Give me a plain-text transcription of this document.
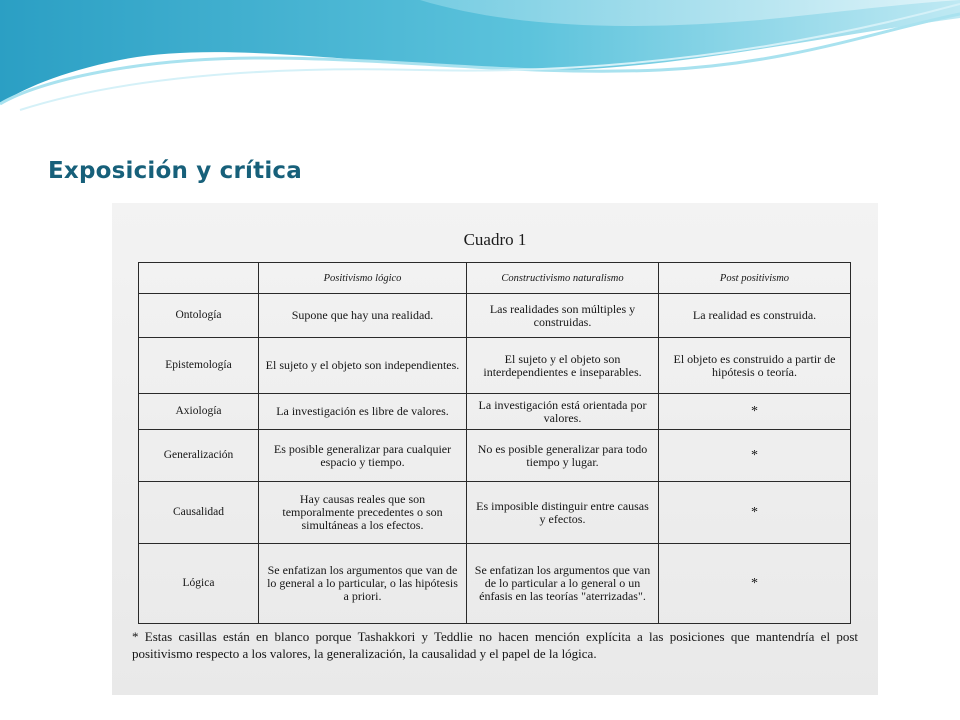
Exposición y crítica
Cuadro 1
	Positivismo lógico	Constructivismo naturalismo	Post positivismo
Ontología	Supone que hay una realidad.	Las realidades son múltiples y construidas.	La realidad es construida.
Epistemología	El sujeto y el objeto son independientes.	El sujeto y el objeto son interdependientes e inseparables.	El objeto es construido a partir de hipótesis o teoría.
Axiología	La investigación es libre de valores.	La investigación está orientada por valores.	*
Generalización	Es posible generalizar para cualquier espacio y tiempo.	No es posible generalizar para todo tiempo y lugar.	*
Causalidad	Hay causas reales que son temporalmente precedentes o son simultáneas a los efectos.	Es imposible distinguir entre causas y efectos.	*
Lógica	Se enfatizan los argumentos que van de lo general a lo particular, o las hipótesis a priori.	Se enfatizan los argumentos que van de lo particular a lo general o un énfasis en las teorías "aterrizadas".	*
* Estas casillas están en blanco porque Tashakkori y Teddlie no hacen mención explícita a las posiciones que mantendría el post positivismo respecto a los valores, la generalización, la causalidad y el papel de la lógica.
